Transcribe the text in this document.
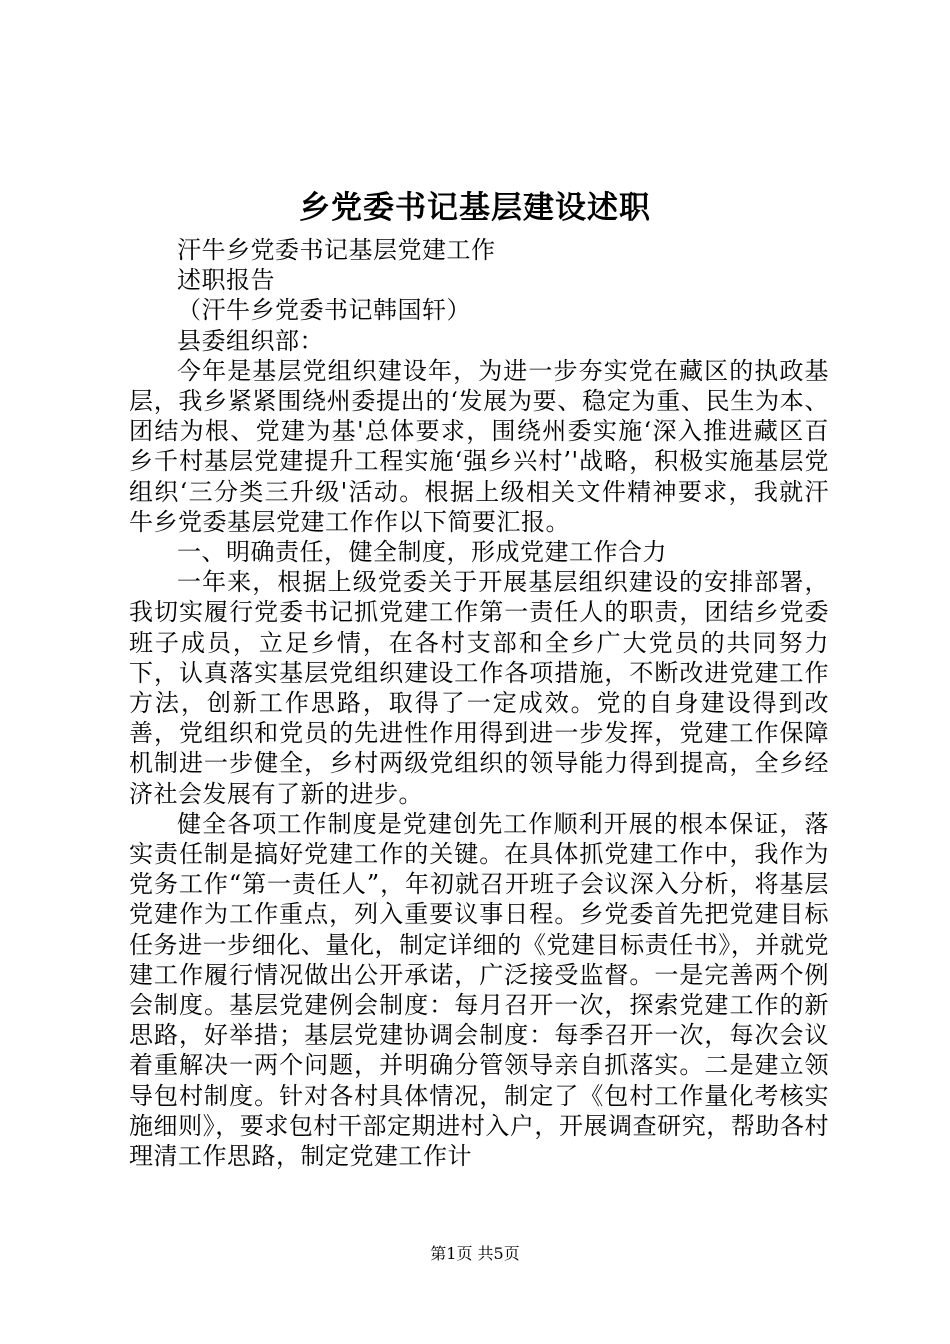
乡党委书记基层建设述职

汗牛乡党委书记基层党建工作

述职报告

（汗牛乡党委书记韩国轩）

县委组织部：

今年是基层党组织建设年，为进一步夯实党在藏区的执政基层，我乡紧紧围绕州委提出的‘发展为要、稳定为重、民生为本、团结为根、党建为基'总体要求，围绕州委实施‘深入推进藏区百乡千村基层党建提升工程实施‘强乡兴村’'战略，积极实施基层党组织‘三分类三升级'活动。根据上级相关文件精神要求，我就汗牛乡党委基层党建工作作以下简要汇报。

一、明确责任，健全制度，形成党建工作合力

一年来，根据上级党委关于开展基层组织建设的安排部署，我切实履行党委书记抓党建工作第一责任人的职责，团结乡党委班子成员，立足乡情，在各村支部和全乡广大党员的共同努力下，认真落实基层党组织建设工作各项措施，不断改进党建工作方法，创新工作思路，取得了一定成效。党的自身建设得到改善，党组织和党员的先进性作用得到进一步发挥，党建工作保障机制进一步健全，乡村两级党组织的领导能力得到提高，全乡经济社会发展有了新的进步。

健全各项工作制度是党建创先工作顺利开展的根本保证，落实责任制是搞好党建工作的关键。在具体抓党建工作中，我作为党务工作“第一责任人”，年初就召开班子会议深入分析，将基层党建作为工作重点，列入重要议事日程。乡党委首先把党建目标任务进一步细化、量化，制定详细的《党建目标责任书》，并就党建工作履行情况做出公开承诺，广泛接受监督。一是完善两个例会制度。基层党建例会制度：每月召开一次，探索党建工作的新思路，好举措；基层党建协调会制度：每季召开一次，每次会议着重解决一两个问题，并明确分管领导亲自抓落实。二是建立领导包村制度。针对各村具体情况，制定了《包村工作量化考核实施细则》，要求包村干部定期进村入户，开展调查研究，帮助各村理清工作思路，制定党建工作计

第1页 共5页
